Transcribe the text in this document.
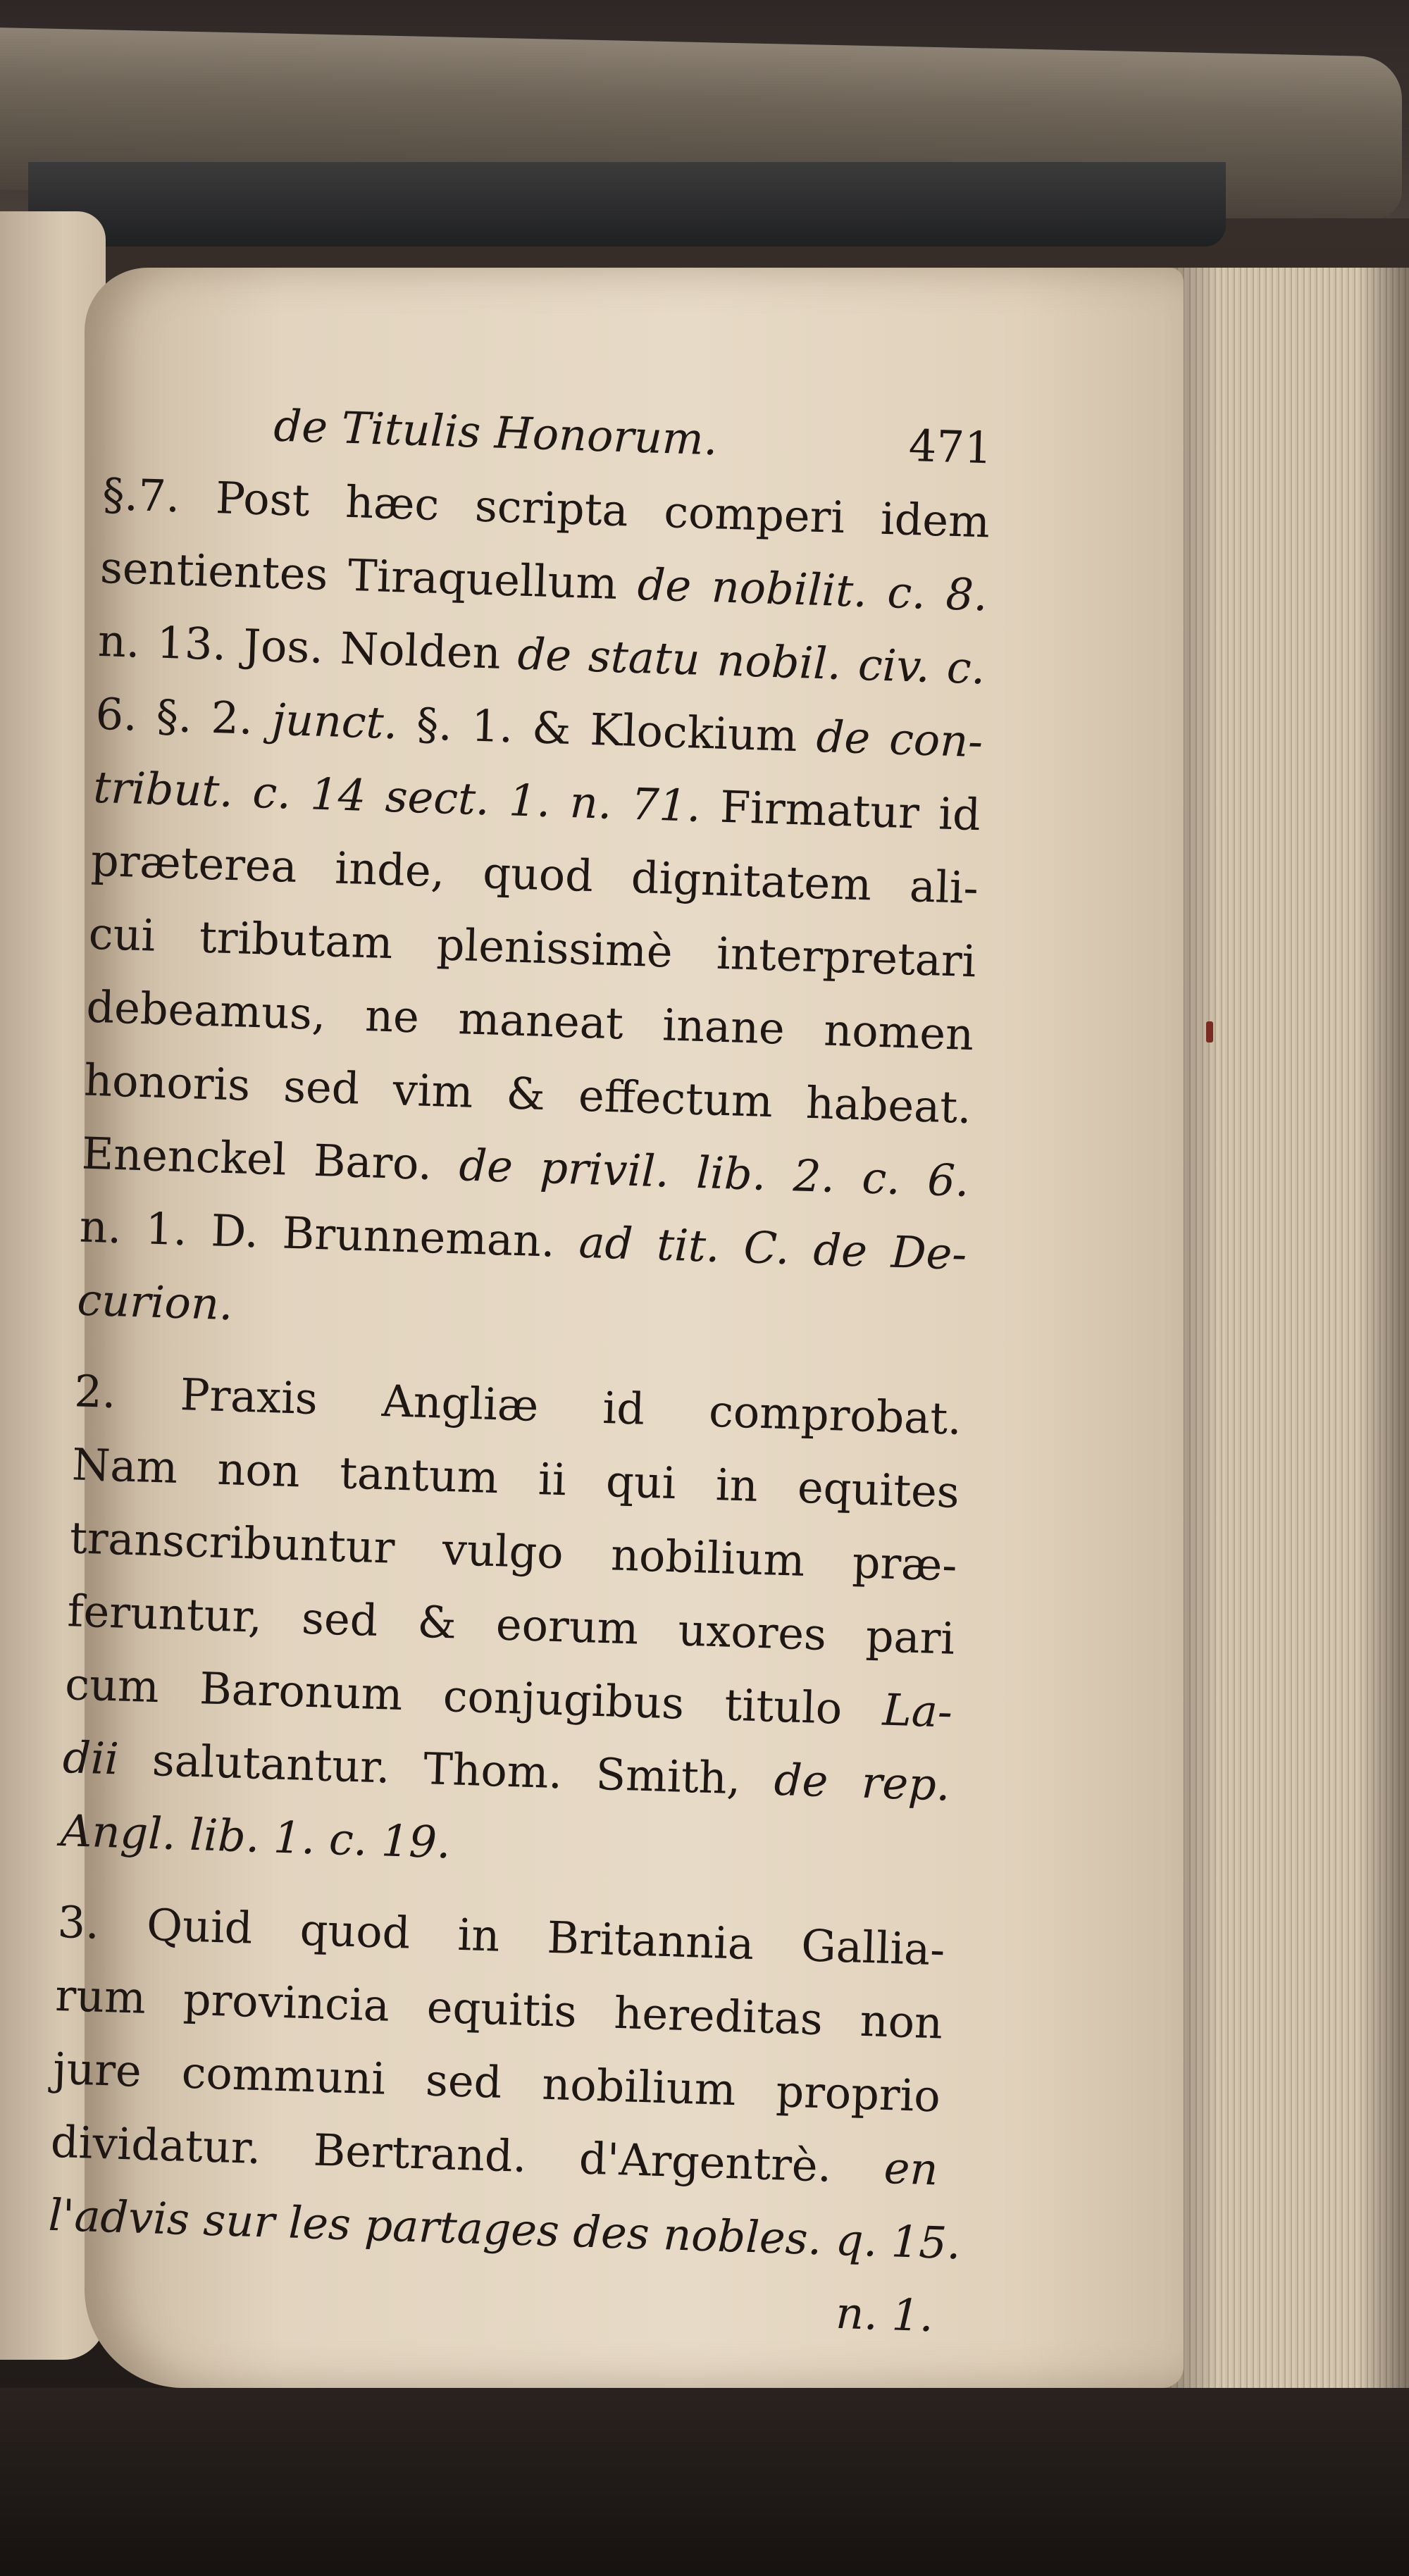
de Titulis Honorum.	471
§.7. Post hæc scripta comperi idem
sentientes Tiraquellum de nobilit. c. 8.
n. 13. Jos. Nolden de statu nobil. civ. c.
6. §. 2. junct. §. 1. & Klockium de con-
tribut. c. 14 sect. 1. n. 71. Firmatur id
præterea inde, quod dignitatem ali-
cui tributam plenissimè interpretari
debeamus, ne maneat inane nomen
honoris sed vim & effectum habeat.
Enenckel Baro. de privil. lib. 2. c. 6.
n. 1. D. Brunneman. ad tit. C. de De-
curion.
2. Praxis Angliæ id comprobat.
Nam non tantum ii qui in equites
transcribuntur vulgo nobilium præ-
feruntur, sed & eorum uxores pari
cum Baronum conjugibus titulo La-
dii salutantur. Thom. Smith, de rep.
Angl. lib. 1. c. 19.
3. Quid quod in Britannia Gallia-
rum provincia equitis hereditas non
jure communi sed nobilium proprio
dividatur. Bertrand. d'Argentrè. en
l'advis sur les partages des nobles. q. 15.
n. 1.
